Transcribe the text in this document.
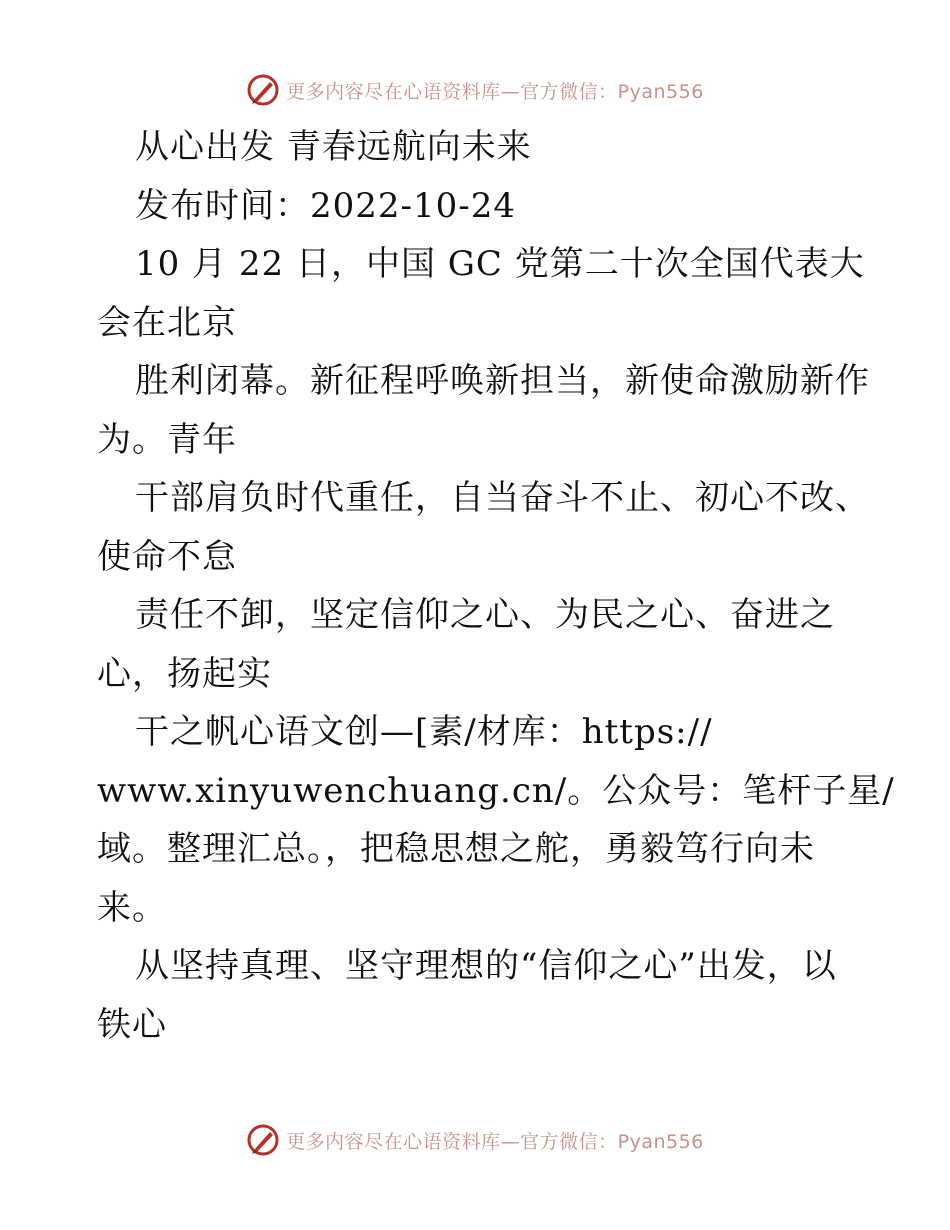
更多内容尽在心语资料库—官方微信：Pyan556
从心出发 青春远航向未来
发布时间：2022-10-24
10 月 22 日，中国 GC 党第二十次全国代表大
会在北京
胜利闭幕。新征程呼唤新担当，新使命激励新作
为。青年
干部肩负时代重任，自当奋斗不止、初心不改、
使命不怠
责任不卸，坚定信仰之心、为民之心、奋进之
心，扬起实
干之帆心语文创—[素/材库：https://
www.xinyuwenchuang.cn/。公众号：笔杆子星/
域。整理汇总。，把稳思想之舵，勇毅笃行向未
来。
从坚持真理、坚守理想的“信仰之心”出发，以
铁心
更多内容尽在心语资料库—官方微信：Pyan556
